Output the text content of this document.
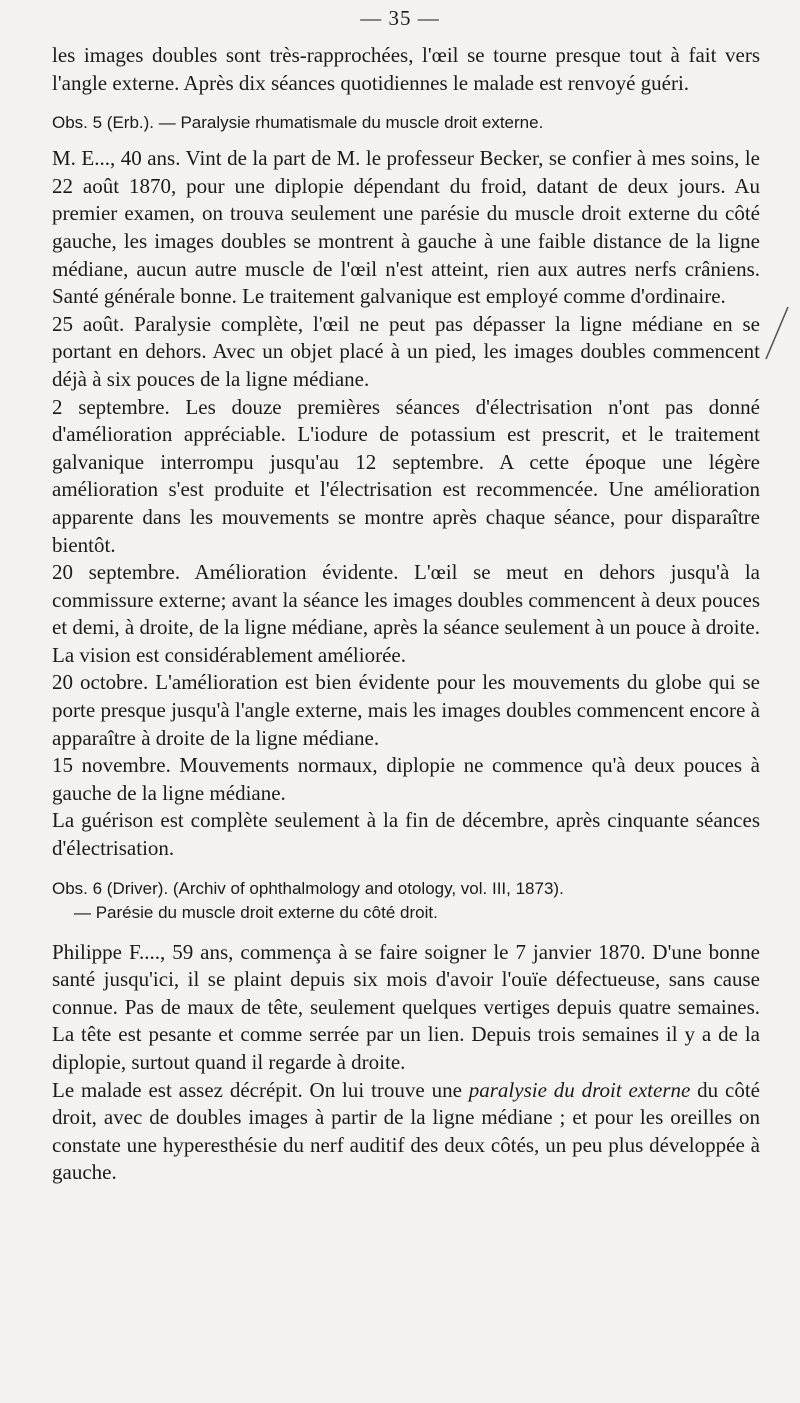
— 35 —

les images doubles sont très-rapprochées, l'œil se tourne presque tout à fait vers l'angle externe. Après dix séances quotidiennes le malade est renvoyé guéri.

Obs. 5 (Erb.). — Paralysie rhumatismale du muscle droit externe.

M. E..., 40 ans. Vint de la part de M. le professeur Becker, se confier à mes soins, le 22 août 1870, pour une diplopie dépendant du froid, datant de deux jours. Au premier examen, on trouva seulement une parésie du muscle droit externe du côté gauche, les images doubles se montrent à gauche à une faible distance de la ligne médiane, aucun autre muscle de l'œil n'est atteint, rien aux autres nerfs crâniens. Santé générale bonne. Le traitement galvanique est employé comme d'ordinaire.

25 août. Paralysie complète, l'œil ne peut pas dépasser la ligne médiane en se portant en dehors. Avec un objet placé à un pied, les images doubles commencent déjà à six pouces de la ligne médiane.

2 septembre. Les douze premières séances d'électrisation n'ont pas donné d'amélioration appréciable. L'iodure de potassium est prescrit, et le traitement galvanique interrompu jusqu'au 12 septembre. A cette époque une légère amélioration s'est produite et l'électrisation est recommencée. Une amélioration apparente dans les mouvements se montre après chaque séance, pour disparaître bientôt.

20 septembre. Amélioration évidente. L'œil se meut en dehors jusqu'à la commissure externe; avant la séance les images doubles commencent à deux pouces et demi, à droite, de la ligne médiane, après la séance seulement à un pouce à droite. La vision est considérablement améliorée.

20 octobre. L'amélioration est bien évidente pour les mouvements du globe qui se porte presque jusqu'à l'angle externe, mais les images doubles commencent encore à apparaître à droite de la ligne médiane.

15 novembre. Mouvements normaux, diplopie ne commence qu'à deux pouces à gauche de la ligne médiane.

La guérison est complète seulement à la fin de décembre, après cinquante séances d'électrisation.

Obs. 6 (Driver). (Archiv of ophthalmology and otology, vol. III, 1873).
— Parésie du muscle droit externe du côté droit.

Philippe F...., 59 ans, commença à se faire soigner le 7 janvier 1870. D'une bonne santé jusqu'ici, il se plaint depuis six mois d'avoir l'ouïe défectueuse, sans cause connue. Pas de maux de tête, seulement quelques vertiges depuis quatre semaines. La tête est pesante et comme serrée par un lien. Depuis trois semaines il y a de la diplopie, surtout quand il regarde à droite.

Le malade est assez décrépit. On lui trouve une paralysie du droit externe du côté droit, avec de doubles images à partir de la ligne médiane ; et pour les oreilles on constate une hyperesthésie du nerf auditif des deux côtés, un peu plus développée à gauche.
